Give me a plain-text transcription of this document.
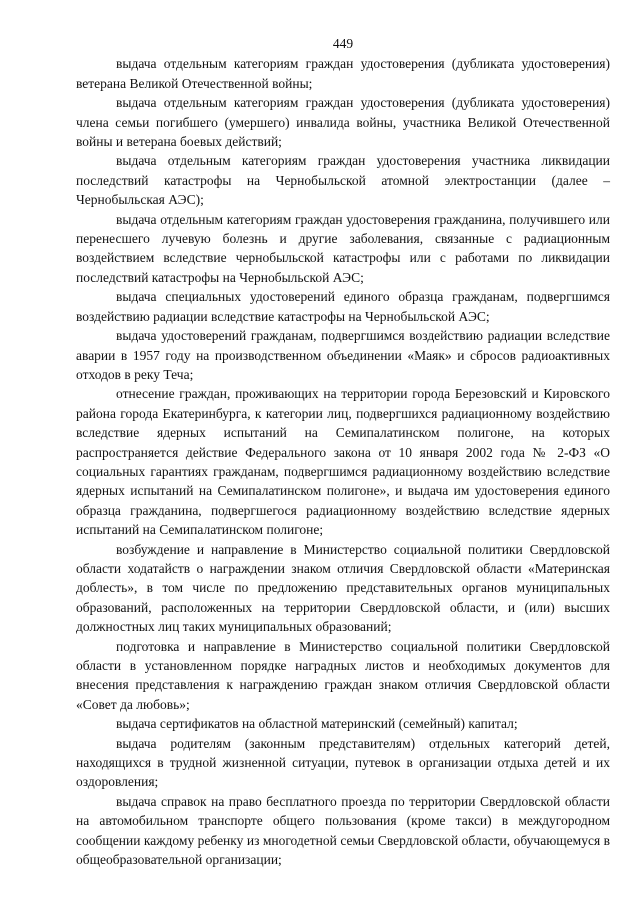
449

выдача отдельным категориям граждан удостоверения (дубликата удостоверения) ветерана Великой Отечественной войны;

выдача отдельным категориям граждан удостоверения (дубликата удостоверения) члена семьи погибшего (умершего) инвалида войны, участника Великой Отечественной войны и ветерана боевых действий;

выдача отдельным категориям граждан удостоверения участника ликвидации последствий катастрофы на Чернобыльской атомной электростанции (далее – Чернобыльская АЭС);

выдача отдельным категориям граждан удостоверения гражданина, получившего или перенесшего лучевую болезнь и другие заболевания, связанные с радиационным воздействием вследствие чернобыльской катастрофы или с работами по ликвидации последствий катастрофы на Чернобыльской АЭС;

выдача специальных удостоверений единого образца гражданам, подвергшимся воздействию радиации вследствие катастрофы на Чернобыльской АЭС;

выдача удостоверений гражданам, подвергшимся воздействию радиации вследствие аварии в 1957 году на производственном объединении «Маяк» и сбросов радиоактивных отходов в реку Теча;

отнесение граждан, проживающих на территории города Березовский и Кировского района города Екатеринбурга, к категории лиц, подвергшихся радиационному воздействию вследствие ядерных испытаний на Семипалатинском полигоне, на которых распространяется действие Федерального закона от 10 января 2002 года № 2-ФЗ «О социальных гарантиях гражданам, подвергшимся радиационному воздействию вследствие ядерных испытаний на Семипалатинском полигоне», и выдача им удостоверения единого образца гражданина, подвергшегося радиационному воздействию вследствие ядерных испытаний на Семипалатинском полигоне;

возбуждение и направление в Министерство социальной политики Свердловской области ходатайств о награждении знаком отличия Свердловской области «Материнская доблесть», в том числе по предложению представительных органов муниципальных образований, расположенных на территории Свердловской области, и (или) высших должностных лиц таких муниципальных образований;

подготовка и направление в Министерство социальной политики Свердловской области в установленном порядке наградных листов и необходимых документов для внесения представления к награждению граждан знаком отличия Свердловской области «Совет да любовь»;

выдача сертификатов на областной материнский (семейный) капитал;

выдача родителям (законным представителям) отдельных категорий детей, находящихся в трудной жизненной ситуации, путевок в организации отдыха детей и их оздоровления;

выдача справок на право бесплатного проезда по территории Свердловской области на автомобильном транспорте общего пользования (кроме такси) в междугородном сообщении каждому ребенку из многодетной семьи Свердловской области, обучающемуся в общеобразовательной организации;
